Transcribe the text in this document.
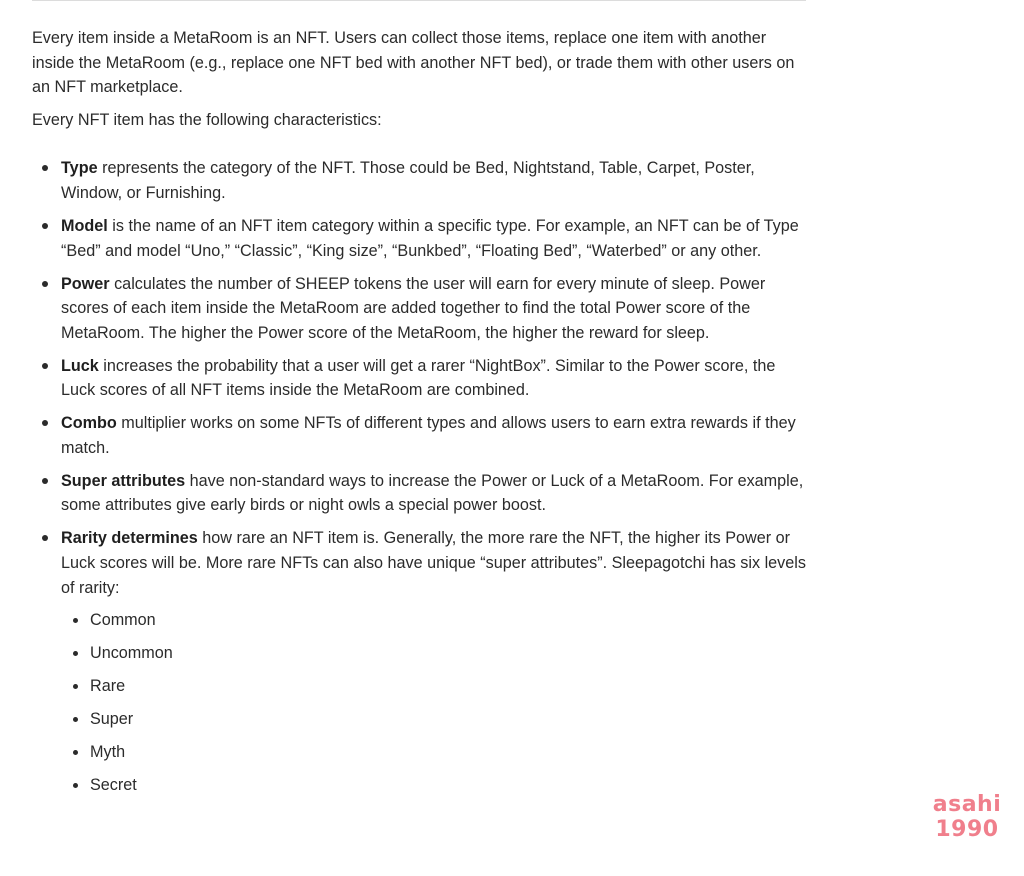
Every item inside a MetaRoom is an NFT. Users can collect those items, replace one item with another inside the MetaRoom (e.g., replace one NFT bed with another NFT bed), or trade them with other users on an NFT marketplace.

Every NFT item has the following characteristics:

Type represents the category of the NFT. Those could be Bed, Nightstand, Table, Carpet, Poster, Window, or Furnishing.
Model is the name of an NFT item category within a specific type. For example, an NFT can be of Type “Bed” and model “Uno,” “Classic”, “King size”, “Bunkbed”, “Floating Bed”, “Waterbed” or any other.
Power calculates the number of SHEEP tokens the user will earn for every minute of sleep. Power scores of each item inside the MetaRoom are added together to find the total Power score of the MetaRoom. The higher the Power score of the MetaRoom, the higher the reward for sleep.
Luck increases the probability that a user will get a rarer “NightBox”. Similar to the Power score, the Luck scores of all NFT items inside the MetaRoom are combined.
Combo multiplier works on some NFTs of different types and allows users to earn extra rewards if they match.
Super attributes have non-standard ways to increase the Power or Luck of a MetaRoom. For example, some attributes give early birds or night owls a special power boost.
Rarity determines how rare an NFT item is. Generally, the more rare the NFT, the higher its Power or Luck scores will be. More rare NFTs can also have unique “super attributes”. Sleepagotchi has six levels of rarity:
Common
Uncommon
Rare
Super
Myth
Secret
asahi
1990
